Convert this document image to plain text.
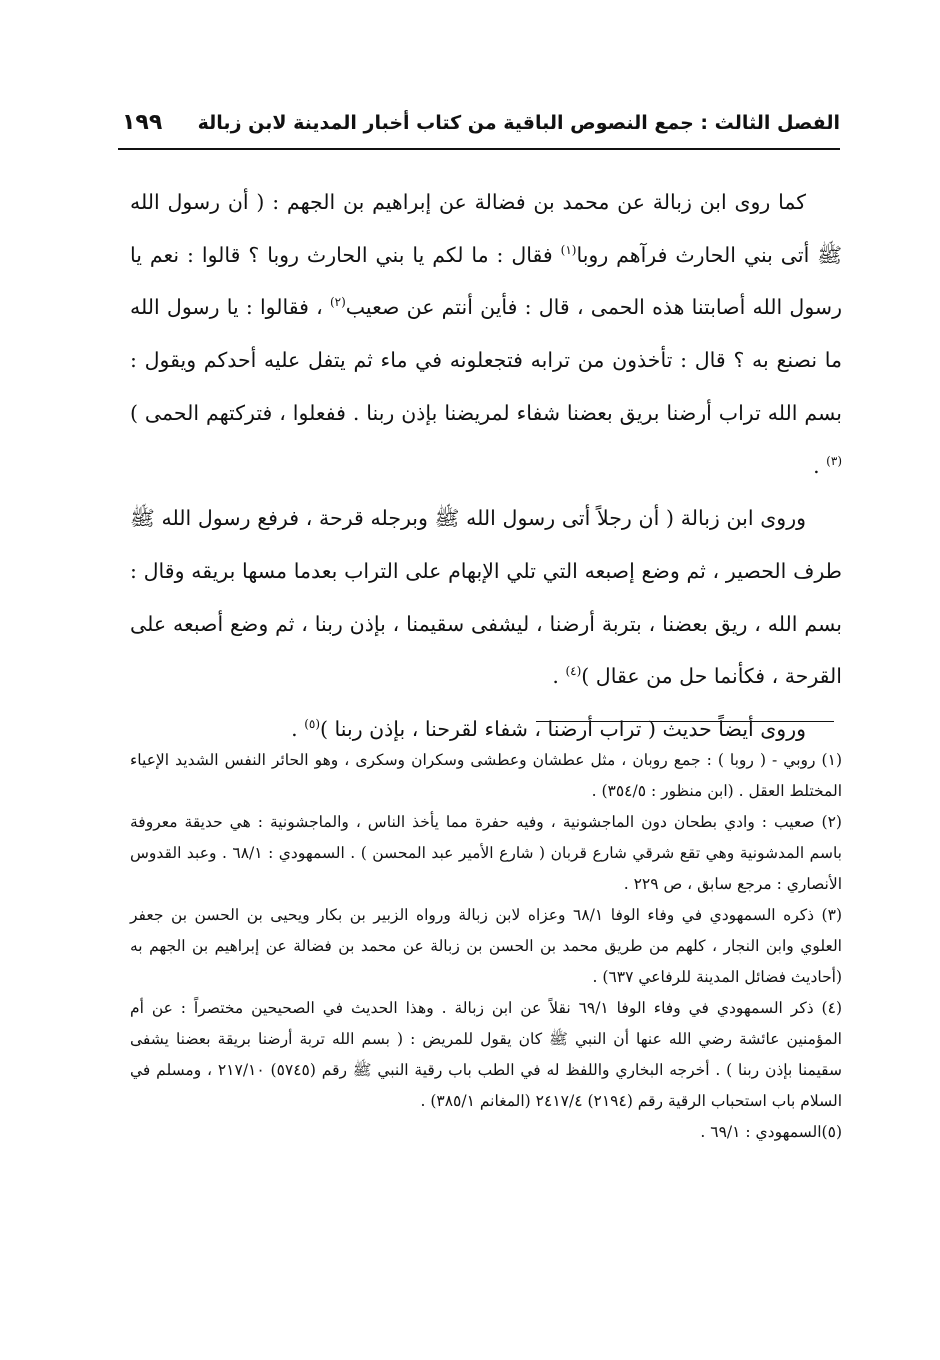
الفصل الثالث : جمع النصوص الباقية من كتاب أخبار المدينة لابن زبالة
١٩٩

كما روى ابن زبالة عن محمد بن فضالة عن إبراهيم بن الجهم : ( أن رسول الله ﷺ أتى بني الحارث فرآهم روبا$^{(١)}$ فقال : ما لكم يا بني الحارث روبا ؟ قالوا : نعم يا رسول الله أصابتنا هذه الحمى ، قال : فأين أنتم عن صعيب$^{(٢)}$ ، فقالوا : يا رسول الله ما نصنع به ؟ قال : تأخذون من ترابه فتجعلونه في ماء ثم يتفل عليه أحدكم ويقول : بسم الله تراب أرضنا بريق بعضنا شفاء لمريضنا بإذن ربنا . ففعلوا ، فتركتهم الحمى )$^{(٣)}$ .

وروى ابن زبالة ( أن رجلاً أتى رسول الله ﷺ وبرجله قرحة ، فرفع رسول الله ﷺ طرف الحصير ، ثم وضع إصبعه التي تلي الإبهام على التراب بعدما مسها بريقه وقال : بسم الله ، ريق بعضنا ، بتربة أرضنا ، ليشفى سقيمنا ، بإذن ربنا ، ثم وضع أصبعه على القرحة ، فكأنما حل من عقال )$^{(٤)}$ .

وروى أيضاً حديث ( تراب أرضنا ، شفاء لقرحنا ، بإذن ربنا )$^{(٥)}$ .

(١) روبي - ( روبا ) : جمع روبان ، مثل عطشان وعطشى وسكران وسكرى ، وهو الحائر النفس الشديد الإعياء المختلط العقل . (ابن منظور : ٣٥٤/٥) .

(٢) صعيب : وادي بطحان دون الماجشونية ، وفيه حفرة مما يأخذ الناس ، والماجشونية : هي حديقة معروفة باسم المدشونية وهي تقع شرقي شارع قربان ( شارع الأمير عبد المحسن ) . السمهودي : ٦٨/١ . وعبد القدوس الأنصاري : مرجع سابق ، ص ٢٢٩ .

(٣) ذكره السمهودي في وفاء الوفا ٦٨/١ وعزاه لابن زبالة ورواه الزبير بن بكار ويحيى بن الحسن بن جعفر العلوي وابن النجار ، كلهم من طريق محمد بن الحسن بن زبالة عن محمد بن فضالة عن إبراهيم بن الجهم به (أحاديث فضائل المدينة للرفاعي ٦٣٧) .

(٤) ذكر السمهودي في وفاء الوفا ٦٩/١ نقلاً عن ابن زبالة . وهذا الحديث في الصحيحين مختصراً : عن أم المؤمنين عائشة رضي الله عنها أن النبي ﷺ كان يقول للمريض : ( بسم الله تربة أرضنا بريقة بعضنا يشفى سقيمنا بإذن ربنا ) . أخرجه البخاري واللفظ له في الطب باب رقية النبي ﷺ رقم (٥٧٤٥) ٢١٧/١٠ ، ومسلم في السلام باب استحباب الرقية رقم (٢١٩٤) ٢٤١٧/٤ (المغانم ٣٨٥/١) .

(٥)السمهودي : ٦٩/١ .
